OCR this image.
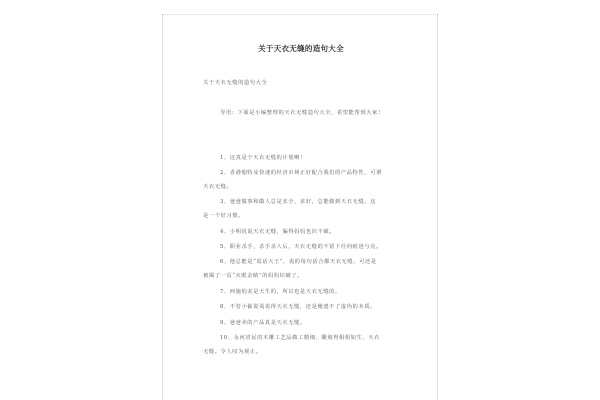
关于天衣无缝的造句大全
关于天衣无缝的造句大全
导语：下面是小编整理的天衣无缝造句大全，希望能帮到大家！
1、这真是个天衣无缝的计划啊！
2、香港独特及快速的经济市场正好配合我们的产品特性，可谓
天衣无缝。
3、爸爸做事和做人总是求全、求好，总能做到天衣无缝。这
是一个好习惯。
4、小明说谎天衣无缝，骗得妈妈也识不破。
5、职业杀手，杀手杀人后，天衣无缝的不留下任何痕迹与亮。
6、他总能是“谎话大王”，说的每句话合都天衣无缝，可还是
被揭了一页“火眼金睛”的妈妈识破了。
7、西施的美是天生的，所以也是天衣无缝的。
8、不管小偷说谎说得天衣无缝，还是俺逃不了虚伪的本质。
9、爸爸卖的产品真是天衣无缝。
10、永河省民的木雕工艺品做工精细、雕刻得相相如生，天衣
无缝。令人叹为观止。
